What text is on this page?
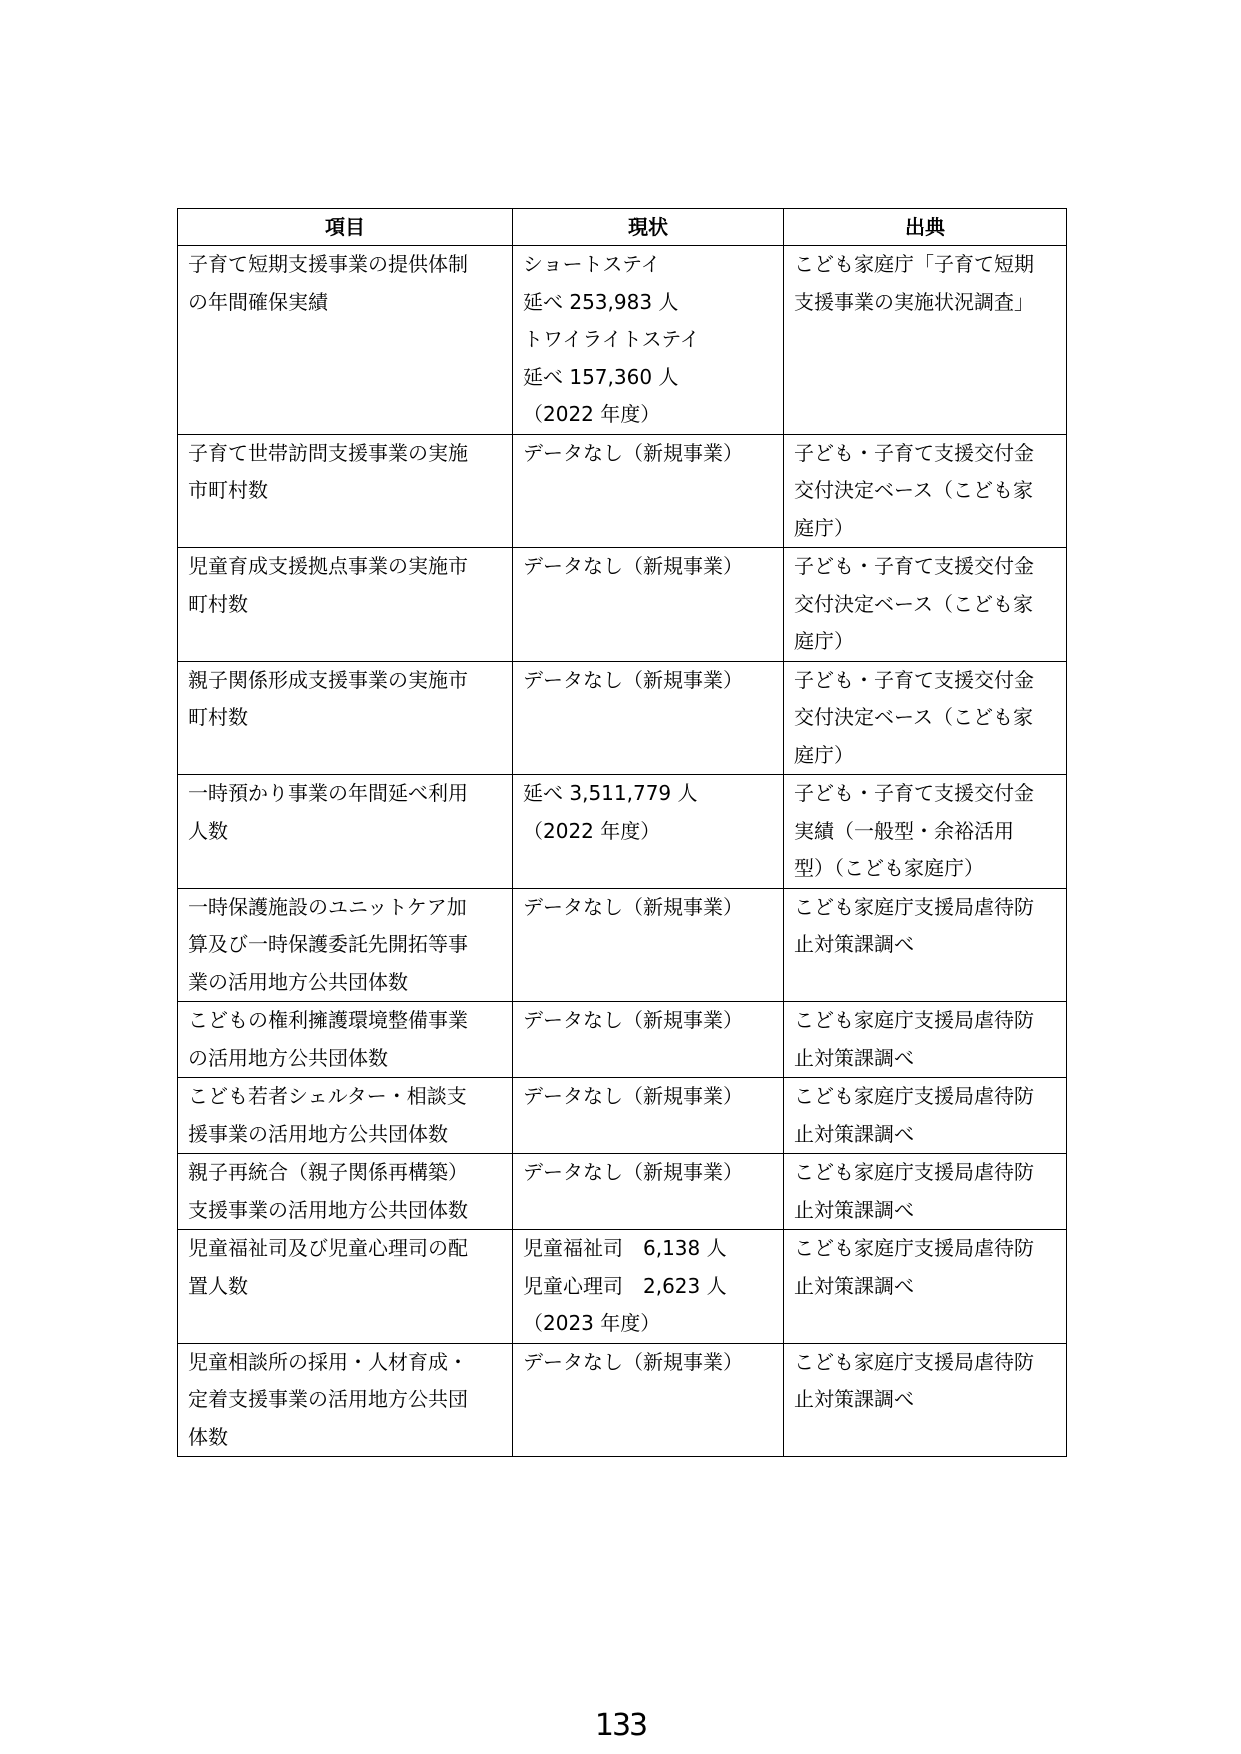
項目	現状	出典

子育て短期支援事業の提供体制
の年間確保実績	ショートステイ
延べ 253,983 人
トワイライトステイ
延べ 157,360 人
（2022 年度）	こども家庭庁「子育て短期
支援事業の実施状況調査」

子育て世帯訪問支援事業の実施
市町村数	データなし（新規事業）	子ども・子育て支援交付金
交付決定ベース（こども家
庭庁）

児童育成支援拠点事業の実施市
町村数	データなし（新規事業）	子ども・子育て支援交付金
交付決定ベース（こども家
庭庁）

親子関係形成支援事業の実施市
町村数	データなし（新規事業）	子ども・子育て支援交付金
交付決定ベース（こども家
庭庁）

一時預かり事業の年間延べ利用
人数	延べ 3,511,779 人
（2022 年度）	子ども・子育て支援交付金
実績（一般型・余裕活用
型）（こども家庭庁）

一時保護施設のユニットケア加
算及び一時保護委託先開拓等事
業の活用地方公共団体数	データなし（新規事業）	こども家庭庁支援局虐待防
止対策課調べ

こどもの権利擁護環境整備事業
の活用地方公共団体数	データなし（新規事業）	こども家庭庁支援局虐待防
止対策課調べ

こども若者シェルター・相談支
援事業の活用地方公共団体数	データなし（新規事業）	こども家庭庁支援局虐待防
止対策課調べ

親子再統合（親子関係再構築）
支援事業の活用地方公共団体数	データなし（新規事業）	こども家庭庁支援局虐待防
止対策課調べ

児童福祉司及び児童心理司の配
置人数	児童福祉司　6,138 人
児童心理司　2,623 人
（2023 年度）	こども家庭庁支援局虐待防
止対策課調べ

児童相談所の採用・人材育成・
定着支援事業の活用地方公共団
体数	データなし（新規事業）	こども家庭庁支援局虐待防
止対策課調べ
133
